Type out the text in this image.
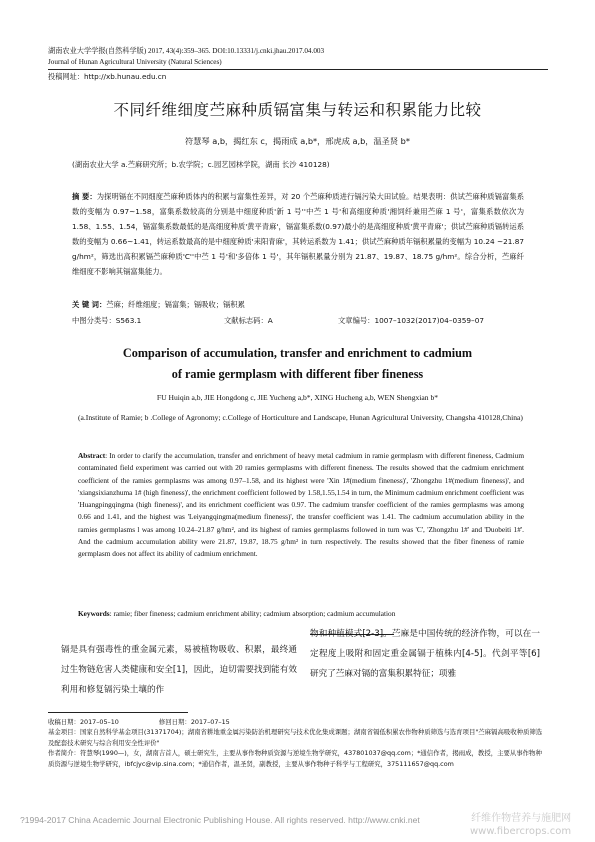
湖南农业大学学报(自然科学版) 2017, 43(4):359–365. DOI:10.13331/j.cnki.jhau.2017.04.003
Journal of Hunan Agricultural University (Natural Sciences)
投稿网址：http://xb.hunau.edu.cn
不同纤维细度苎麻种质镉富集与转运和积累能力比较
符慧琴 a,b，揭红东 c，揭雨成 a,b*，邢虎成 a,b，温圣贤 b*
(湖南农业大学 a.苎麻研究所；b.农学院；c.园艺园林学院，湖南 长沙 410128)
摘 要：为探明镉在不同细度苎麻种质体内的积累与富集性差异，对 20 个苎麻种质进行镉污染大田试验。结果表明：供试苎麻种质镉富集系数的变幅为 0.97~1.58，富集系数较高的分别是中细度种质'新 1 号''中苎 1 号'和高细度种质'湘饲纤兼用苎麻 1 号'，富集系数依次为 1.58、1.55、1.54，镉富集系数最低的是高细度种质'黄平青麻'，镉富集系数(0.97)最小的是高细度种质'黄平青麻'；供试苎麻种质镉转运系数的变幅为 0.66~1.41，转运系数最高的是中细度种质'耒阳青麻'，其转运系数为 1.41；供试苎麻种质年镉积累量的变幅为 10.24 ~21.87 g/hm²，筛选出高积累镉苎麻种质'C''中苎 1 号'和'多倍体 1 号'，其年镉积累量分别为 21.87、19.87、18.75 g/hm²。综合分析，苎麻纤维细度不影响其镉富集能力。
关 键 词：苎麻；纤维细度；镉富集；镉吸收；镉积累
中图分类号：S563.1	文献标志码：A	文章编号：1007–1032(2017)04–0359–07
Comparison of accumulation, transfer and enrichment to cadmium
of ramie germplasm with different fiber fineness
FU Huiqin a,b, JIE Hongdong c, JIE Yucheng a,b*, XING Hucheng a,b, WEN Shengxian b*
(a.Institute of Ramie; b .College of Agronomy; c.College of Horticulture and Landscape, Hunan Agricultural University, Changsha 410128,China)
Abstract: In order to clarify the accumulation, transfer and enrichment of heavy metal cadmium in ramie germplasm with different fineness, Cadmium contaminated field experiment was carried out with 20 ramies germplasms with different fineness. The results showed that the cadmium enrichment coefficient of the ramies germplasms was among 0.97–1.58, and its highest were 'Xin 1#(medium fineness)', 'Zhongzhu 1#(medium fineness)', and 'xiangsixianzhuma 1# (high fineness)', the enrichment coefficient followed by 1.58,1.55,1.54 in turn, the Minimum cadmium enrichment coefficient was 'Huangpingqingma (high fineness)', and its enrichment coefficient was 0.97. The cadmium transfer coefficient of the ramies germplasms was among 0.66 and 1.41, and the highest was 'Leiyangqingma(medium fineness)', the transfer coefficient was 1.41. The cadmium accumulation ability in the ramies germplasms l was among 10.24–21.87 g/hm², and its highest of ramies germplasms followed in turn was 'C', 'Zhongzhu 1#' and 'Duobeiti 1#'. And the cadmium accumulation ability were 21.87, 19.87, 18.75 g/hm² in turn respectively. The results showed that the fiber fineness of ramie germplasm does not affect its ability of cadmium enrichment.
Keywords: ramie; fiber fineness; cadmium enrichment ability; cadmium absorption; cadmium accumulation
镉是具有强毒性的重金属元素，易被植物吸收、积累，最终通过生物链危害人类健康和安全[1]，因此，迫切需要找到能有效利用和修复镉污染土壤的作
物和种植模式[2-3]。苎麻是中国传统的经济作物，可以在一定程度上吸附和固定重金属镉于植株内[4-5]。代剑平等[6]研究了苎麻对镉的富集积累特征；项雅
收稿日期：2017–05–10	修回日期：2017–07–15
基金项目：国家自然科学基金项目(31371704)；湖南省耕地重金属污染防治机理研究与技术优化集成课题；湖南省镉低积累农作物种质筛选与选育项目"苎麻镉高吸收种质筛选及配套技术研究与综合利用安全性评价"
作者简介：符慧琴(1990—)，女，湖南吉首人，硕士研究生，主要从事作物种质资源与逆境生物学研究，437801037@qq.com；*通信作者，揭雨成，教授，主要从事作物种质资源与逆境生物学研究，ibfcjyc@vip.sina.com；*通信作者，温圣贤，副教授，主要从事作物种子科学与工程研究，375111657@qq.com
?1994-2017 China Academic Journal Electronic Publishing House. All rights reserved. http://www.cnki.net	纤维作物营养与施肥网
www.fibercrops.com
